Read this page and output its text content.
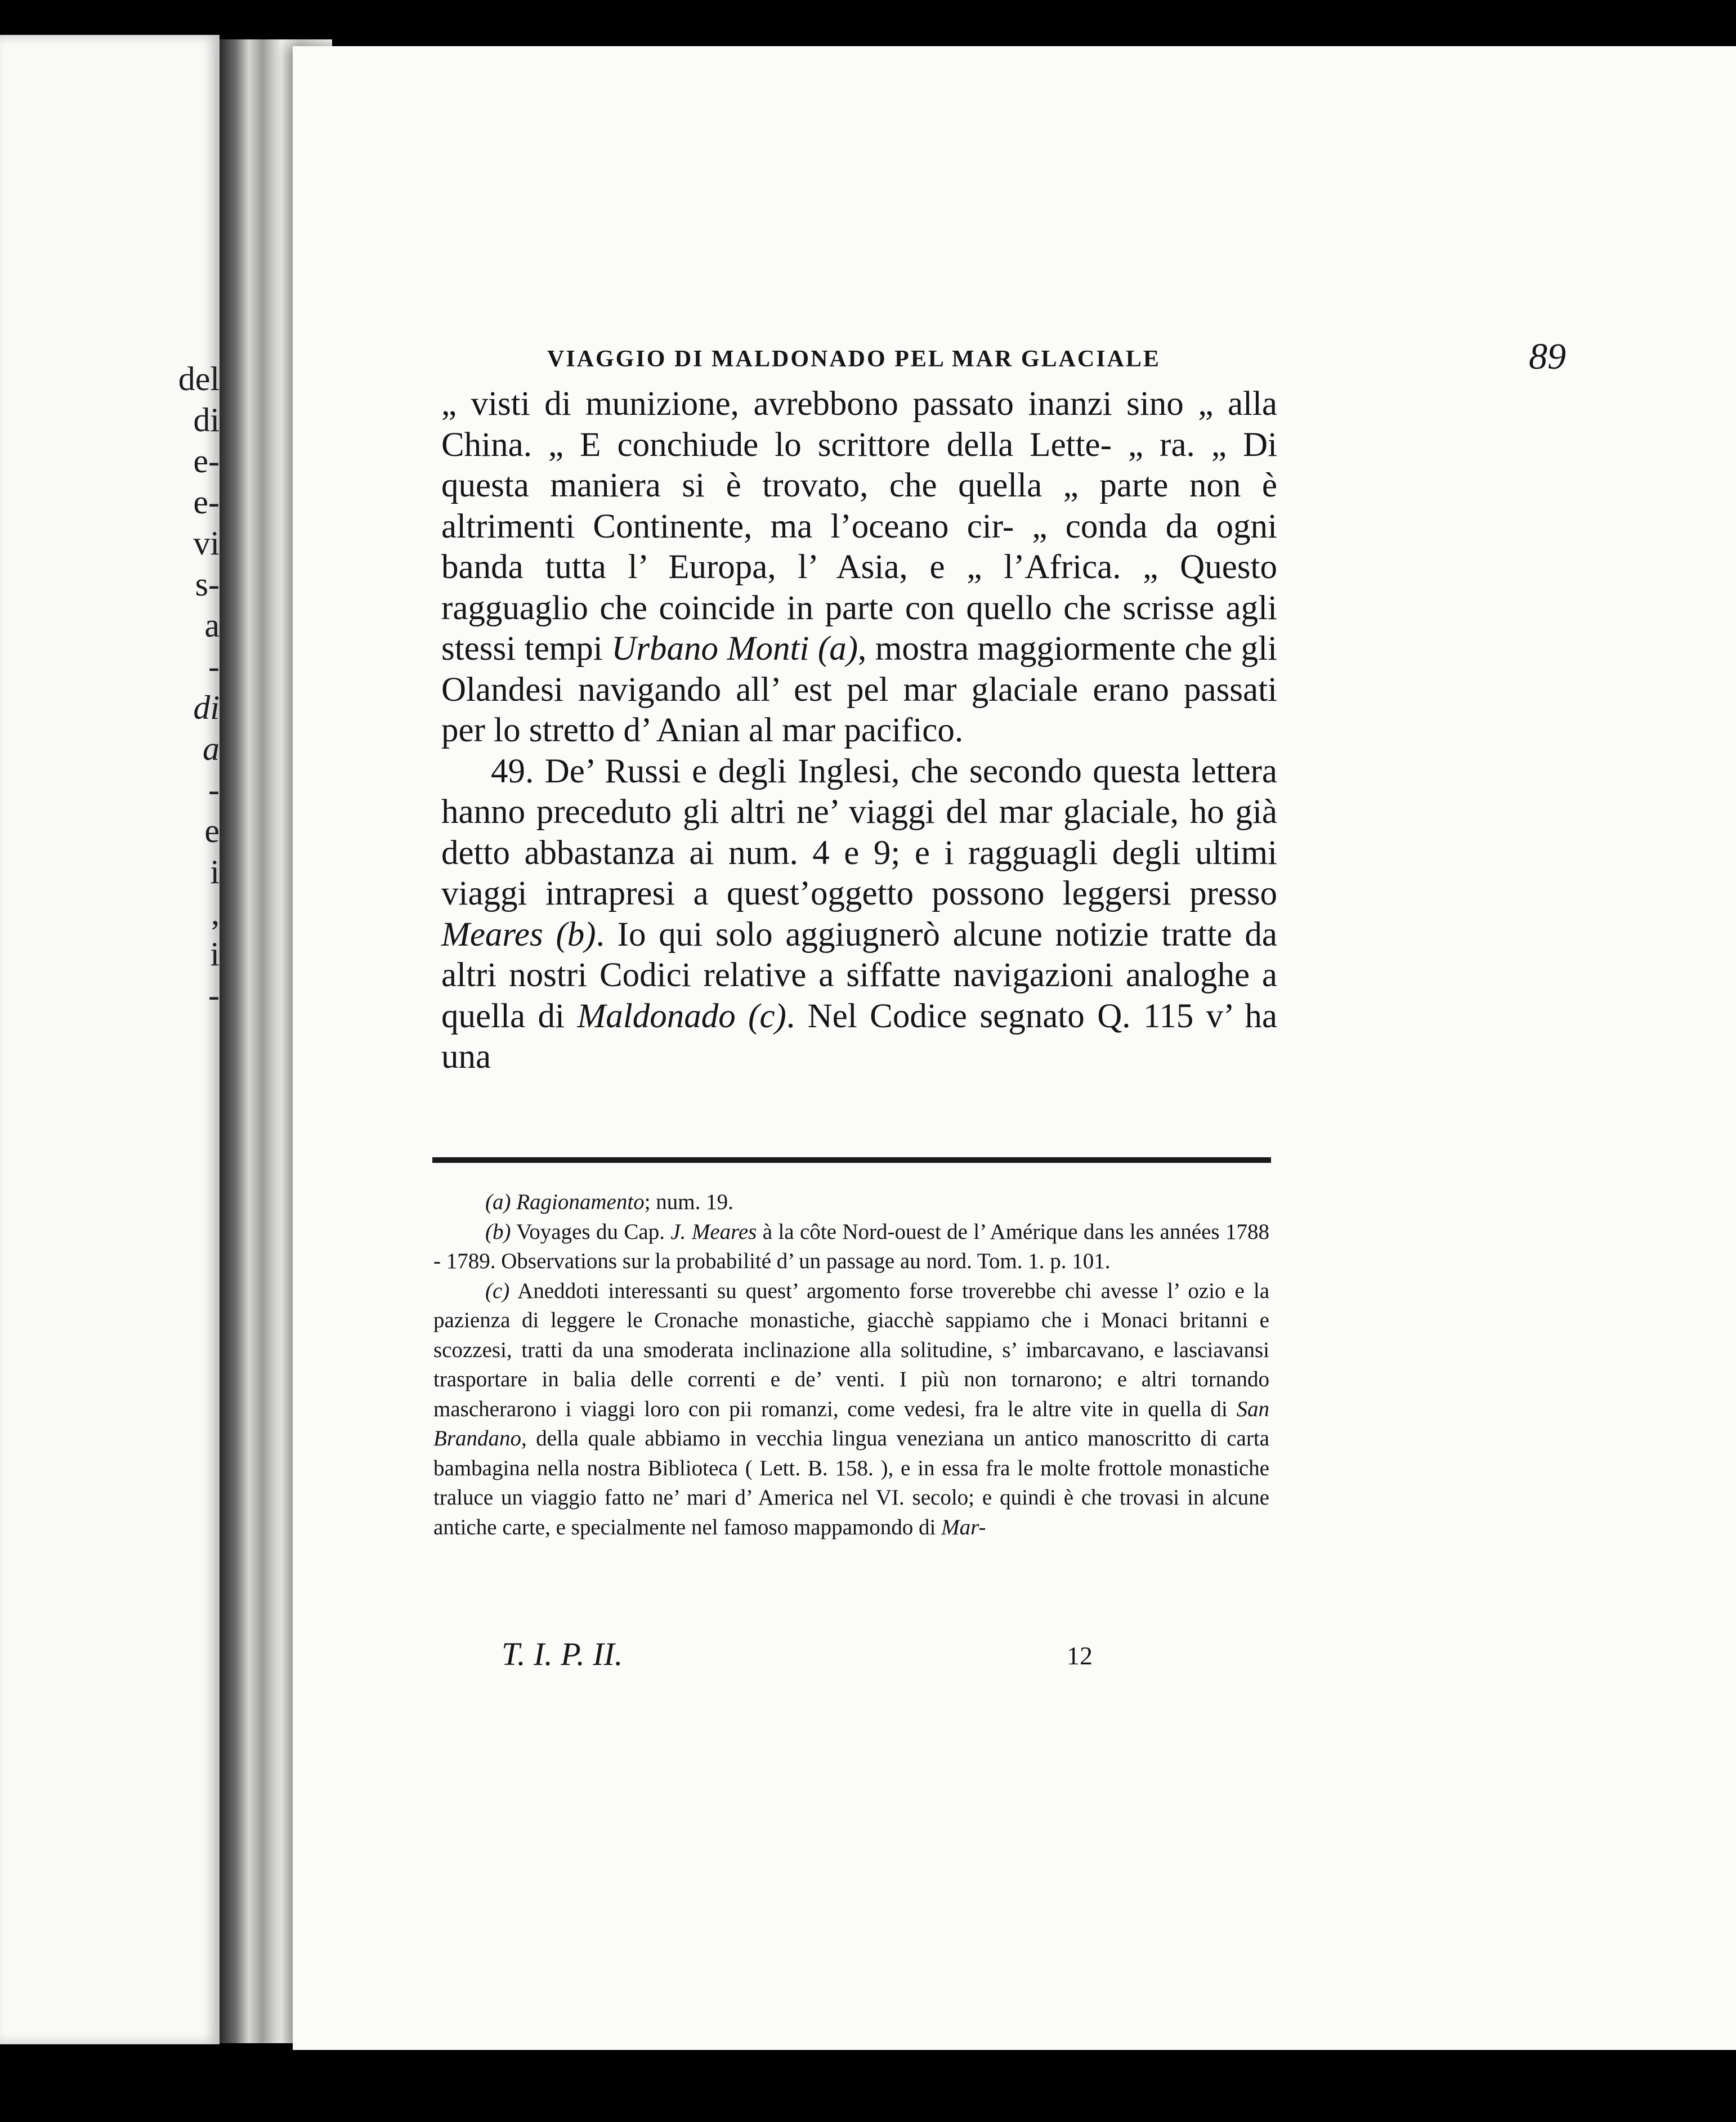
del
di
e-
e-
vi
s-
a
-
di
a
-
e
i
,
i
-
VIAGGIO DI MALDONADO PEL MAR GLACIALE	89

„ visti di munizione, avrebbono passato inanzi sino „ alla China. „ E conchiude lo scrittore della Lette- „ ra. „ Di questa maniera si è trovato, che quella „ parte non è altrimenti Continente, ma l’oceano cir- „ conda da ogni banda tutta l’ Europa, l’ Asia, e „ l’Africa. „ Questo ragguaglio che coincide in parte con quello che scrisse agli stessi tempi Urbano Monti (a), mostra maggiormente che gli Olandesi navigando all’ est pel mar glaciale erano passati per lo stretto d’ Anian al mar pacifico.

49. De’ Russi e degli Inglesi, che secondo questa lettera hanno preceduto gli altri ne’ viaggi del mar glaciale, ho già detto abbastanza ai num. 4 e 9; e i ragguagli degli ultimi viaggi intrapresi a quest’oggetto possono leggersi presso Meares (b). Io qui solo aggiugnerò alcune notizie tratte da altri nostri Codici relative a siffatte navigazioni analoghe a quella di Maldonado (c). Nel Codice segnato Q. 115 v’ ha una

(a) Ragionamento; num. 19.

(b) Voyages du Cap. J. Meares à la côte Nord-ouest de l’ Amérique dans les années 1788 - 1789. Observations sur la probabilité d’ un passage au nord. Tom. 1. p. 101.

(c) Aneddoti interessanti su quest’ argomento forse troverebbe chi avesse l’ ozio e la pazienza di leggere le Cronache monastiche, giacchè sappiamo che i Monaci britanni e scozzesi, tratti da una smoderata inclinazione alla solitudine, s’ imbarcavano, e lasciavansi trasportare in balia delle correnti e de’ venti. I più non tornarono; e altri tornando mascherarono i viaggi loro con pii romanzi, come vedesi, fra le altre vite in quella di San Brandano, della quale abbiamo in vecchia lingua veneziana un antico manoscritto di carta bambagina nella nostra Biblioteca ( Lett. B. 158. ), e in essa fra le molte frottole monastiche traluce un viaggio fatto ne’ mari d’ America nel VI. secolo; e quindi è che trovasi in alcune antiche carte, e specialmente nel famoso mappamondo di Mar-

T. I. P. II.	12
